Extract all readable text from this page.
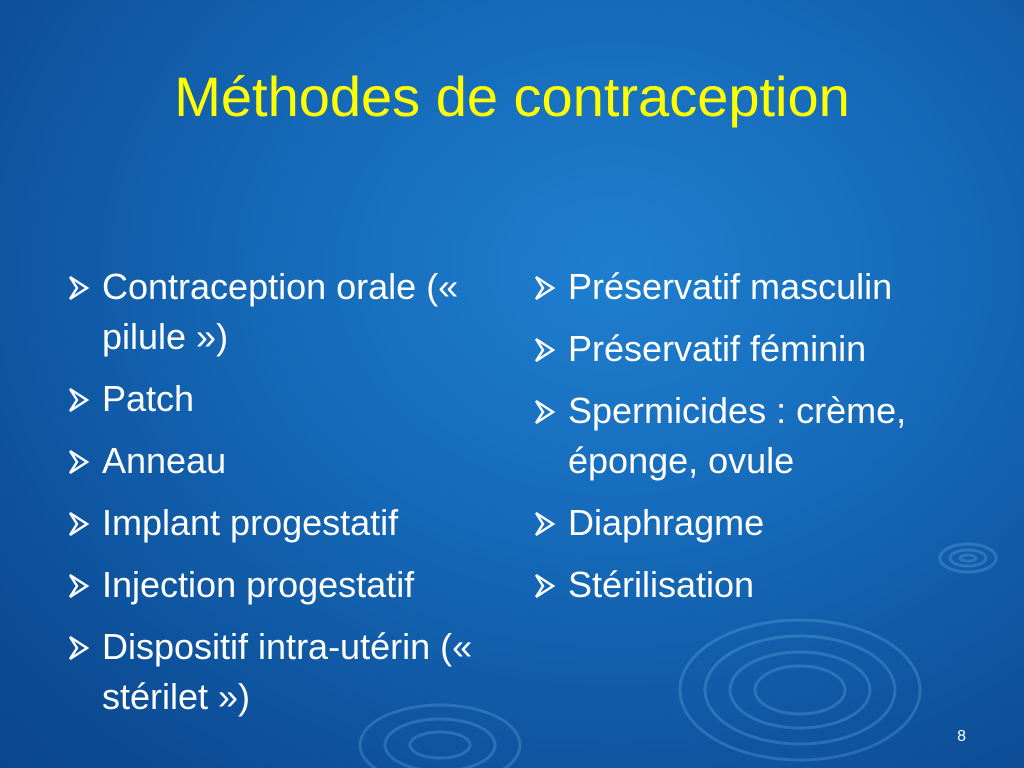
Méthodes de contraception
Contraception orale (« pilule »)
Patch
Anneau
Implant progestatif
Injection progestatif
Dispositif intra-utérin (« stérilet »)
Préservatif masculin
Préservatif féminin
Spermicides : crème, éponge, ovule
Diaphragme
Stérilisation
8
